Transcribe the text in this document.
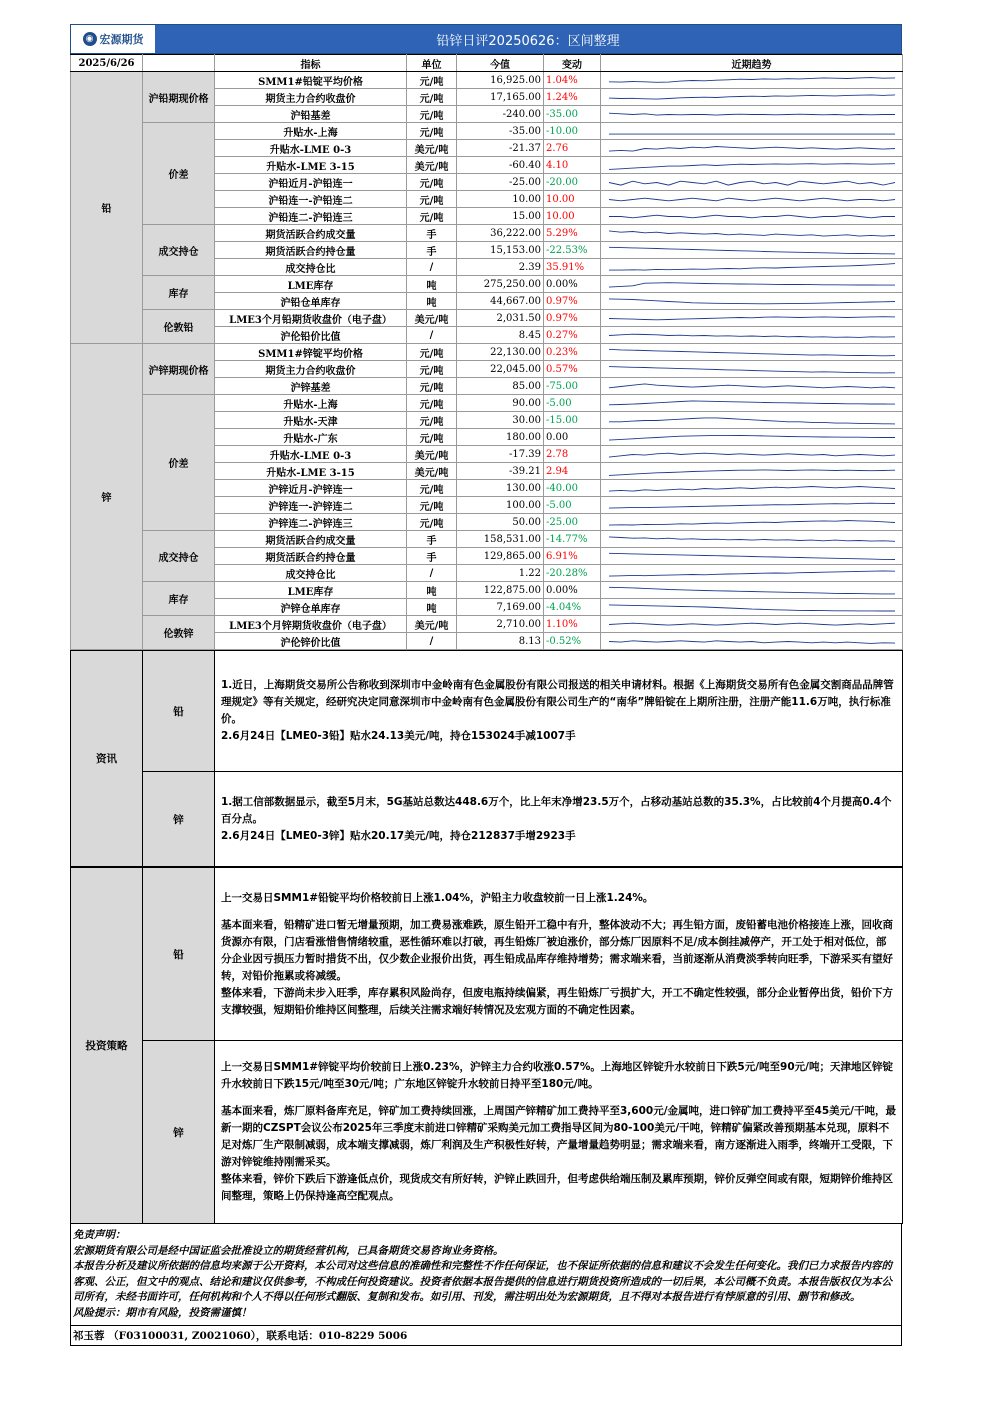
◉ 宏源期货	铅锌日评20250626：区间整理
2025/6/26		指标	单位	今值	变动	近期趋势
铅	沪铅期现价格	SMM1#铅锭平均价格	元/吨	16,925.00	1.04%	

		期货主力合约收盘价	元/吨	17,165.00	1.24%	

		沪铅基差	元/吨	-240.00	-35.00	

	价差	升贴水-上海	元/吨	-35.00	-10.00	

		升贴水-LME 0-3	美元/吨	-21.37	2.76	

		升贴水-LME 3-15	美元/吨	-60.40	4.10	

		沪铅近月-沪铅连一	元/吨	-25.00	-20.00	

		沪铅连一-沪铅连二	元/吨	10.00	10.00	

		沪铅连二-沪铅连三	元/吨	15.00	10.00	

	成交持仓	期货活跃合约成交量	手	36,222.00	5.29%	

		期货活跃合约持仓量	手	15,153.00	-22.53%	

		成交持仓比	/	2.39	35.91%	

	库存	LME库存	吨	275,250.00	0.00%	

		沪铅仓单库存	吨	44,667.00	0.97%	

	伦敦铅	LME3个月铅期货收盘价（电子盘）	美元/吨	2,031.50	0.97%	

		沪伦铅价比值	/	8.45	0.27%	

锌	沪锌期现价格	SMM1#锌锭平均价格	元/吨	22,130.00	0.23%	

		期货主力合约收盘价	元/吨	22,045.00	0.57%	

		沪锌基差	元/吨	85.00	-75.00	

	价差	升贴水-上海	元/吨	90.00	-5.00	

		升贴水-天津	元/吨	30.00	-15.00	

		升贴水-广东	元/吨	180.00	0.00	

		升贴水-LME 0-3	美元/吨	-17.39	2.78	

		升贴水-LME 3-15	美元/吨	-39.21	2.94	

		沪锌近月-沪锌连一	元/吨	130.00	-40.00	

		沪锌连一-沪锌连二	元/吨	100.00	-5.00	

		沪锌连二-沪锌连三	元/吨	50.00	-25.00	

	成交持仓	期货活跃合约成交量	手	158,531.00	-14.77%	

		期货活跃合约持仓量	手	129,865.00	6.91%	

		成交持仓比	/	1.22	-20.28%	

	库存	LME库存	吨	122,875.00	0.00%	

		沪锌仓单库存	吨	7,169.00	-4.04%	

	伦敦锌	LME3个月锌期货收盘价（电子盘）	美元/吨	2,710.00	1.10%	

		沪伦锌价比值	/	8.13	-0.52%	
资讯	铅	1.近日，上海期货交易所公告称收到深圳市中金岭南有色金属股份有限公司报送的相关申请材料。根据《上海期货交易所有色金属交割商品品牌管理规定》等有关规定，经研究决定同意深圳市中金岭南有色金属股份有限公司生产的“南华”牌铅锭在上期所注册，注册产能11.6万吨，执行标准价。

2.6月24日【LME0-3铅】贴水24.13美元/吨，持仓153024手减1007手

	锌	1.据工信部数据显示，截至5月末，5G基站总数达448.6万个，比上年末净增23.5万个，占移动基站总数的35.3%，占比较前4个月提高0.4个百分点。

2.6月24日【LME0-3锌】贴水20.17美元/吨，持仓212837手增2923手

投资策略	铅	上一交易日SMM1#铅锭平均价格较前日上涨1.04%，沪铅主力收盘较前一日上涨1.24%。

基本面来看，铅精矿进口暂无增量预期，加工费易涨难跌，原生铅开工稳中有升，整体波动不大；再生铅方面，废铅蓄电池价格接连上涨，回收商货源亦有限，门店看涨惜售情绪较重，恶性循环难以打破，再生铅炼厂被迫涨价，部分炼厂因原料不足/成本倒挂减停产，开工处于相对低位，部分企业因亏损压力暂时措货不出，仅少数企业报价出货，再生铅成品库存维持增势；需求端来看，当前逐渐从消费淡季转向旺季，下游采买有望好转，对铅价拖累或将减缓。

整体来看，下游尚未步入旺季，库存累积风险尚存，但废电瓶持续偏紧，再生铅炼厂亏损扩大，开工不确定性较强，部分企业暂停出货，铅价下方支撑较强，短期铅价维持区间整理，后续关注需求端好转情况及宏观方面的不确定性因素。

	锌	上一交易日SMM1#锌锭平均价较前日上涨0.23%，沪锌主力合约收涨0.57%。上海地区锌锭升水较前日下跌5元/吨至90元/吨；天津地区锌锭升水较前日下跌15元/吨至30元/吨；广东地区锌锭升水较前日持平至180元/吨。

基本面来看，炼厂原料备库充足，锌矿加工费持续回涨，上周国产锌精矿加工费持平至3,600元/金属吨，进口锌矿加工费持平至45美元/干吨，最新一期的CZSPT会议公布2025年三季度末前进口锌精矿采购美元加工费指导区间为80-100美元/干吨，锌精矿偏紧改善预期基本兑现，原料不足对炼厂生产限制减弱，成本端支撑减弱，炼厂利润及生产积极性好转，产量增量趋势明显；需求端来看，南方逐渐进入雨季，终端开工受限，下游对锌锭维持刚需采买。

整体来看，锌价下跌后下游逢低点价，现货成交有所好转，沪锌止跌回升，但考虑供给端压制及累库预期，锌价反弹空间或有限，短期锌价维持区间整理，策略上仍保持逢高空配观点。

免责声明：

宏源期货有限公司是经中国证监会批准设立的期货经营机构，已具备期货交易咨询业务资格。

本报告分析及建议所依据的信息均来源于公开资料，本公司对这些信息的准确性和完整性不作任何保证，也不保证所依据的信息和建议不会发生任何变化。我们已力求报告内容的客观、公正，但文中的观点、结论和建议仅供参考，不构成任何投资建议。投资者依据本报告提供的信息进行期货投资所造成的一切后果，本公司概不负责。本报告版权仅为本公司所有，未经书面许可，任何机构和个人不得以任何形式翻版、复制和发布。如引用、刊发，需注明出处为宏源期货，且不得对本报告进行有悖原意的引用、删节和修改。

风险提示：期市有风险，投资需谨慎！

祁玉蓉 （F03100031, Z0021060），联系电话：010-8229 5006
